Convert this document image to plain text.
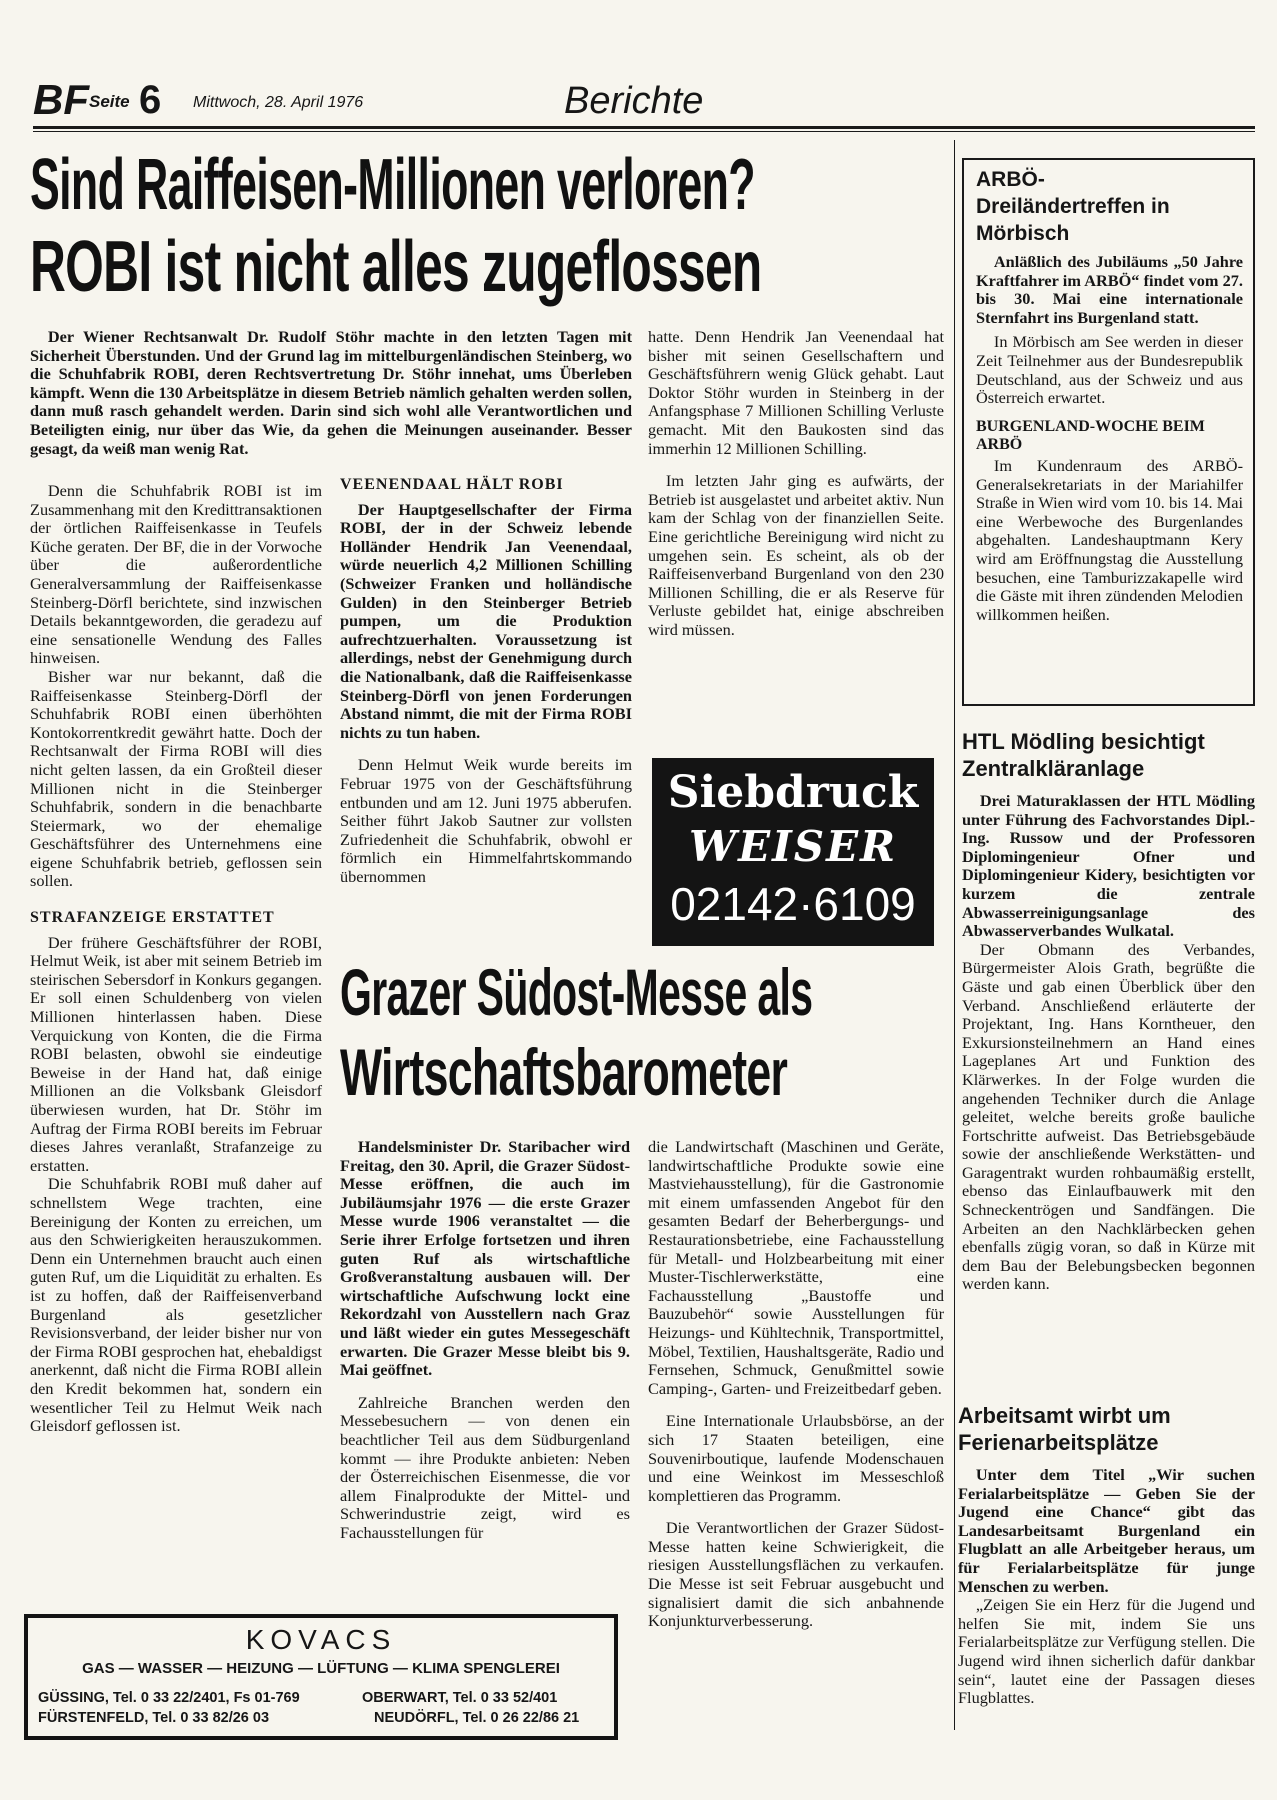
BF Seite 6 Mittwoch, 28. April 1976	Berichte
Sind Raiffeisen-Millionen verloren?
ROBI ist nicht alles zugeflossen

Der Wiener Rechtsanwalt Dr. Rudolf Stöhr machte in den letzten Tagen mit Sicherheit Überstunden. Und der Grund lag im mittelburgenländischen Steinberg, wo die Schuhfabrik ROBI, deren Rechtsvertretung Dr. Stöhr innehat, ums Überleben kämpft. Wenn die 130 Arbeitsplätze in diesem Betrieb nämlich gehalten werden sollen, dann muß rasch gehandelt werden. Darin sind sich wohl alle Verantwortlichen und Beteiligten einig, nur über das Wie, da gehen die Meinungen auseinander. Besser gesagt, da weiß man wenig Rat.

Denn die Schuhfabrik ROBI ist im Zusammenhang mit den Kredittransaktionen der örtlichen Raiffeisenkasse in Teufels Küche geraten. Der BF, die in der Vorwoche über die außerordentliche Generalversammlung der Raiffeisenkasse Steinberg-Dörfl berichtete, sind inzwischen Details bekanntgeworden, die geradezu auf eine sensationelle Wendung des Falles hinweisen.

Bisher war nur bekannt, daß die Raiffeisenkasse Steinberg-Dörfl der Schuhfabrik ROBI einen überhöhten Kontokorrentkredit gewährt hatte. Doch der Rechtsanwalt der Firma ROBI will dies nicht gelten lassen, da ein Großteil dieser Millionen nicht in die Steinberger Schuhfabrik, sondern in die benachbarte Steiermark, wo der ehemalige Geschäftsführer des Unternehmens eine eigene Schuhfabrik betrieb, geflossen sein sollen.

STRAFANZEIGE ERSTATTET

Der frühere Geschäftsführer der ROBI, Helmut Weik, ist aber mit seinem Betrieb im steirischen Sebersdorf in Konkurs gegangen. Er soll einen Schuldenberg von vielen Millionen hinterlassen haben. Diese Verquickung von Konten, die die Firma ROBI belasten, obwohl sie eindeutige Beweise in der Hand hat, daß einige Millionen an die Volksbank Gleisdorf überwiesen wurden, hat Dr. Stöhr im Auftrag der Firma ROBI bereits im Februar dieses Jahres veranlaßt, Strafanzeige zu erstatten.

Die Schuhfabrik ROBI muß daher auf schnellstem Wege trachten, eine Bereinigung der Konten zu erreichen, um aus den Schwierigkeiten herauszukommen. Denn ein Unternehmen braucht auch einen guten Ruf, um die Liquidität zu erhalten. Es ist zu hoffen, daß der Raiffeisenverband Burgenland als gesetzlicher Revisionsverband, der leider bisher nur von der Firma ROBI gesprochen hat, ehebaldigst anerkennt, daß nicht die Firma ROBI allein den Kredit bekommen hat, sondern ein wesentlicher Teil zu Helmut Weik nach Gleisdorf geflossen ist.

VEENENDAAL HÄLT ROBI

Der Hauptgesellschafter der Firma ROBI, der in der Schweiz lebende Holländer Hendrik Jan Veenendaal, würde neuerlich 4,2 Millionen Schilling (Schweizer Franken und holländische Gulden) in den Steinberger Betrieb pumpen, um die Produktion aufrechtzuerhalten. Voraussetzung ist allerdings, nebst der Genehmigung durch die Nationalbank, daß die Raiffeisenkasse Steinberg-Dörfl von jenen Forderungen Abstand nimmt, die mit der Firma ROBI nichts zu tun haben.

Denn Helmut Weik wurde bereits im Februar 1975 von der Geschäftsführung entbunden und am 12. Juni 1975 abberufen. Seither führt Jakob Sautner zur vollsten Zufriedenheit die Schuhfabrik, obwohl er förmlich ein Himmelfahrtskommando übernommen

hatte. Denn Hendrik Jan Veenendaal hat bisher mit seinen Gesellschaftern und Geschäftsführern wenig Glück gehabt. Laut Doktor Stöhr wurden in Steinberg in der Anfangsphase 7 Millionen Schilling Verluste gemacht. Mit den Baukosten sind das immerhin 12 Millionen Schilling.

Im letzten Jahr ging es aufwärts, der Betrieb ist ausgelastet und arbeitet aktiv. Nun kam der Schlag von der finanziellen Seite. Eine gerichtliche Bereinigung wird nicht zu umgehen sein. Es scheint, als ob der Raiffeisenverband Burgenland von den 230 Millionen Schilling, die er als Reserve für Verluste gebildet hat, einige abschreiben wird müssen.

Siebdruck
WEISER
02142·6109
Grazer Südost-Messe als
Wirtschaftsbarometer

Handelsminister Dr. Staribacher wird Freitag, den 30. April, die Grazer Südost-Messe eröffnen, die auch im Jubiläumsjahr 1976 — die erste Grazer Messe wurde 1906 veranstaltet — die Serie ihrer Erfolge fortsetzen und ihren guten Ruf als wirtschaftliche Großveranstaltung ausbauen will. Der wirtschaftliche Aufschwung lockt eine Rekordzahl von Ausstellern nach Graz und läßt wieder ein gutes Messegeschäft erwarten. Die Grazer Messe bleibt bis 9. Mai geöffnet.

Zahlreiche Branchen werden den Messebesuchern — von denen ein beachtlicher Teil aus dem Südburgenland kommt — ihre Produkte anbieten: Neben der Österreichischen Eisenmesse, die vor allem Finalprodukte der Mittel- und Schwerindustrie zeigt, wird es Fachausstellungen für

die Landwirtschaft (Maschinen und Geräte, landwirtschaftliche Produkte sowie eine Mastviehausstellung), für die Gastronomie mit einem umfassenden Angebot für den gesamten Bedarf der Beherbergungs- und Restaurationsbetriebe, eine Fachausstellung für Metall- und Holzbearbeitung mit einer Muster-Tischlerwerkstätte, eine Fachausstellung „Baustoffe und Bauzubehör“ sowie Ausstellungen für Heizungs- und Kühltechnik, Transportmittel, Möbel, Textilien, Haushaltsgeräte, Radio und Fernsehen, Schmuck, Genußmittel sowie Camping-, Garten- und Freizeitbedarf geben.

Eine Internationale Urlaubsbörse, an der sich 17 Staaten beteiligen, eine Souvenirboutique, laufende Modenschauen und eine Weinkost im Messeschloß komplettieren das Programm.

Die Verantwortlichen der Grazer Südost-Messe hatten keine Schwierigkeit, die riesigen Ausstellungsflächen zu verkaufen. Die Messe ist seit Februar ausgebucht und signalisiert damit die sich anbahnende Konjunkturverbesserung.

KOVACS
GAS — WASSER — HEIZUNG — LÜFTUNG — KLIMA SPENGLEREI
GÜSSING, Tel. 0 33 22/2401, Fs 01-769	OBERWART, Tel. 0 33 52/401
FÜRSTENFELD, Tel. 0 33 82/26 03	NEUDÖRFL, Tel. 0 26 22/86 21
ARBÖ-Dreiländertreffen in Mörbisch

Anläßlich des Jubiläums „50 Jahre Kraftfahrer im ARBÖ“ findet vom 27. bis 30. Mai eine internationale Sternfahrt ins Burgenland statt.

In Mörbisch am See werden in dieser Zeit Teilnehmer aus der Bundesrepublik Deutschland, aus der Schweiz und aus Österreich erwartet.

BURGENLAND-WOCHE BEIM ARBÖ

Im Kundenraum des ARBÖ-Generalsekretariats in der Mariahilfer Straße in Wien wird vom 10. bis 14. Mai eine Werbewoche des Burgenlandes abgehalten. Landeshauptmann Kery wird am Eröffnungstag die Ausstellung besuchen, eine Tamburizzakapelle wird die Gäste mit ihren zündenden Melodien willkommen heißen.

HTL Mödling besichtigt Zentralkläranlage

Drei Maturaklassen der HTL Mödling unter Führung des Fachvorstandes Dipl.-Ing. Russow und der Professoren Diplomingenieur Ofner und Diplomingenieur Kidery, besichtigten vor kurzem die zentrale Abwasserreinigungsanlage des Abwasserverbandes Wulkatal.

Der Obmann des Verbandes, Bürgermeister Alois Grath, begrüßte die Gäste und gab einen Überblick über den Verband. Anschließend erläuterte der Projektant, Ing. Hans Korntheuer, den Exkursionsteilnehmern an Hand eines Lageplanes Art und Funktion des Klärwerkes. In der Folge wurden die angehenden Techniker durch die Anlage geleitet, welche bereits große bauliche Fortschritte aufweist. Das Betriebsgebäude sowie der anschließende Werkstätten- und Garagentrakt wurden rohbaumäßig erstellt, ebenso das Einlaufbauwerk mit den Schneckentrögen und Sandfängen. Die Arbeiten an den Nachklärbecken gehen ebenfalls zügig voran, so daß in Kürze mit dem Bau der Belebungsbecken begonnen werden kann.

Arbeitsamt wirbt um Ferienarbeitsplätze

Unter dem Titel „Wir suchen Ferialarbeitsplätze — Geben Sie der Jugend eine Chance“ gibt das Landesarbeitsamt Burgenland ein Flugblatt an alle Arbeitgeber heraus, um für Ferialarbeitsplätze für junge Menschen zu werben.

„Zeigen Sie ein Herz für die Jugend und helfen Sie mit, indem Sie uns Ferialarbeitsplätze zur Verfügung stellen. Die Jugend wird ihnen sicherlich dafür dankbar sein“, lautet eine der Passagen dieses Flugblattes.
